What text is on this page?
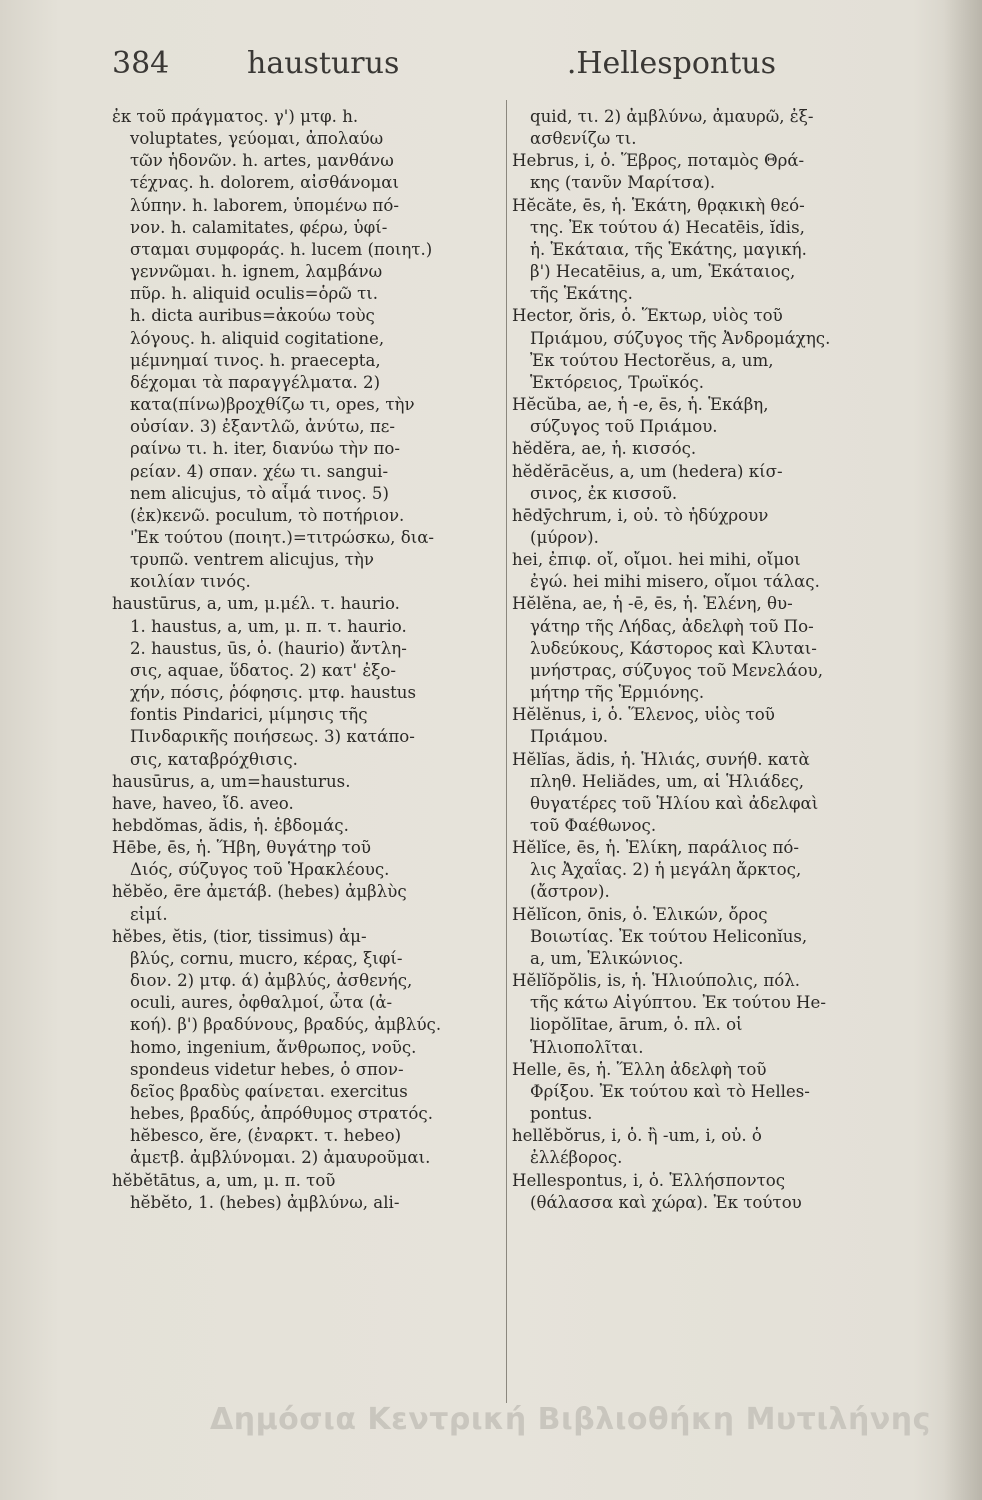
384	hausturus	.Hellespontus
ἐκ τοῦ πράγματος. γ') μτφ. h.
voluptates, γεύομαι, ἀπολαύω
τῶν ἡδονῶν. h. artes, μανθάνω
τέχνας. h. dolorem, αἰσθάνομαι
λύπην. h. laborem, ὑπομένω πό-
νον. h. calamitates, φέρω, ὑφί-
σταμαι συμφοράς. h. lucem (ποιητ.)
γεννῶμαι. h. ignem, λαμβάνω
πῦρ. h. aliquid oculis=ὁρῶ τι.
h. dicta auribus=ἀκούω τοὺς
λόγους. h. aliquid cogitatione,
μέμνημαί τινος. h. praecepta,
δέχομαι τὰ παραγγέλματα. 2)
κατα(πίνω)βροχθίζω τι, opes, τὴν
οὐσίαν. 3) ἐξαντλῶ, ἀνύτω, πε-
ραίνω τι. h. iter, διανύω τὴν πο-
ρείαν. 4) σπαν. χέω τι. sangui-
nem alicujus, τὸ αἷμά τινος. 5)
(ἐκ)κενῶ. poculum, τὸ ποτήριον.
'Ἐκ τούτου (ποιητ.)=τιτρώσκω, δια-
τρυπῶ. ventrem alicujus, τὴν
κοιλίαν τινός.
haustūrus, a, um, μ.μέλ. τ. haurio.
1. haustus, a, um, μ. π. τ. haurio.
2. haustus, ūs, ὁ. (haurio) ἄντλη-
σις, aquae, ὕδατος. 2) κατ' ἐξο-
χήν, πόσις, ῥόφησις. μτφ. haustus
fontis Pindarici, μίμησις τῆς
Πινδαρικῆς ποιήσεως. 3) κατάπο-
σις, καταβρόχθισις.
hausūrus, a, um=hausturus.
have, haveo, ἴδ. aveo.
hebdŏmas, ădis, ἡ. ἑβδομάς.
Hēbe, ēs, ἡ. Ἥβη, θυγάτηρ τοῦ
Διός, σύζυγος τοῦ Ἡρακλέους.
hĕbĕo, ēre ἀμετάβ. (hebes) ἀμβλὺς
εἰμί.
hĕbes, ĕtis, (tior, tissimus) ἀμ-
βλύς, cornu, mucro, κέρας, ξιφί-
διον. 2) μτφ. ά) ἀμβλύς, ἀσθενής,
oculi, aures, ὀφθαλμοί, ὦτα (ἀ-
κοή). β') βραδύνους, βραδύς, ἀμβλύς.
homo, ingenium, ἄνθρωπος, νοῦς.
spondeus videtur hebes, ὁ σπον-
δεῖος βραδὺς φαίνεται. exercitus
hebes, βραδύς, ἀπρόθυμος στρατός.
hĕbesco, ĕre, (ἐναρκτ. τ. hebeo)
ἀμετβ. ἀμβλύνομαι. 2) ἀμαυροῦμαι.
hĕbĕtātus, a, um, μ. π. τοῦ
hĕbĕto, 1. (hebes) ἀμβλύνω, ali-
quid, τι. 2) ἀμβλύνω, ἀμαυρῶ, ἐξ-
ασθενίζω τι.
Hebrus, i, ὁ. Ἕβρος, ποταμὸς Θρά-
κης (τανῦν Μαρίτσα).
Hĕcăte, ēs, ἡ. Ἑκάτη, θρᾳκικὴ θεό-
της. Ἐκ τούτου ά) Hecatēis, ĭdis,
ἡ. Ἑκάταια, τῆς Ἑκάτης, μαγική.
β') Hecatēius, a, um, Ἑκάταιος,
τῆς Ἑκάτης.
Hector, ŏris, ὁ. Ἕκτωρ, υἱὸς τοῦ
Πριάμου, σύζυγος τῆς Ἀνδρομάχης.
Ἐκ τούτου Hectorĕus, a, um,
Ἑκτόρειος, Τρωϊκός.
Hĕcŭba, ae, ἡ -e, ēs, ἡ. Ἑκάβη,
σύζυγος τοῦ Πριάμου.
hĕdĕra, ae, ἡ. κισσός.
hĕdĕrācĕus, a, um (hedera) κίσ-
σινος, ἐκ κισσοῦ.
hēdȳchrum, i, οὐ. τὸ ἡδύχρουν
(μύρον).
hei, ἐπιφ. οἴ, οἴμοι. hei mihi, οἴμοι
ἐγώ. hei mihi misero, οἴμοι τάλας.
Hĕlĕna, ae, ἡ -ē, ēs, ἡ. Ἑλένη, θυ-
γάτηρ τῆς Λήδας, ἀδελφὴ τοῦ Πο-
λυδεύκους, Κάστορος καὶ Κλυται-
μνήστρας, σύζυγος τοῦ Μενελάου,
μήτηρ τῆς Ἑρμιόνης.
Hĕlĕnus, i, ὁ. Ἕλενος, υἱὸς τοῦ
Πριάμου.
Hĕlĭas, ădis, ἡ. Ἡλιάς, συνήθ. κατὰ
πληθ. Heliădes, um, αἱ Ἡλιάδες,
θυγατέρες τοῦ Ἡλίου καὶ ἀδελφαὶ
τοῦ Φαέθωνος.
Hĕlĭce, ēs, ἡ. Ἑλίκη, παράλιος πό-
λις Ἀχαΐας. 2) ἡ μεγάλη ἄρκτος,
(ἄστρον).
Hĕlĭcon, ōnis, ὁ. Ἑλικών, ὄρος
Βοιωτίας. Ἐκ τούτου Heliconĭus,
a, um, Ἑλικώνιος.
Hĕlĭŏpŏlis, is, ἡ. Ἡλιούπολις, πόλ.
τῆς κάτω Αἰγύπτου. Ἐκ τούτου He-
liopŏlītae, ārum, ὁ. πλ. οἱ
Ἡλιοπολῖται.
Helle, ēs, ἡ. Ἕλλη ἀδελφὴ τοῦ
Φρίξου. Ἐκ τούτου καὶ τὸ Helles-
pontus.
hellĕbŏrus, i, ὁ. ἢ -um, i, οὐ. ὁ
ἐλλέβορος.
Hellespontus, i, ὁ. Ἑλλήσποντος
(θάλασσα καὶ χώρα). Ἐκ τούτου
Δημόσια Κεντρική Βιβλιοθήκη Μυτιλήνης
